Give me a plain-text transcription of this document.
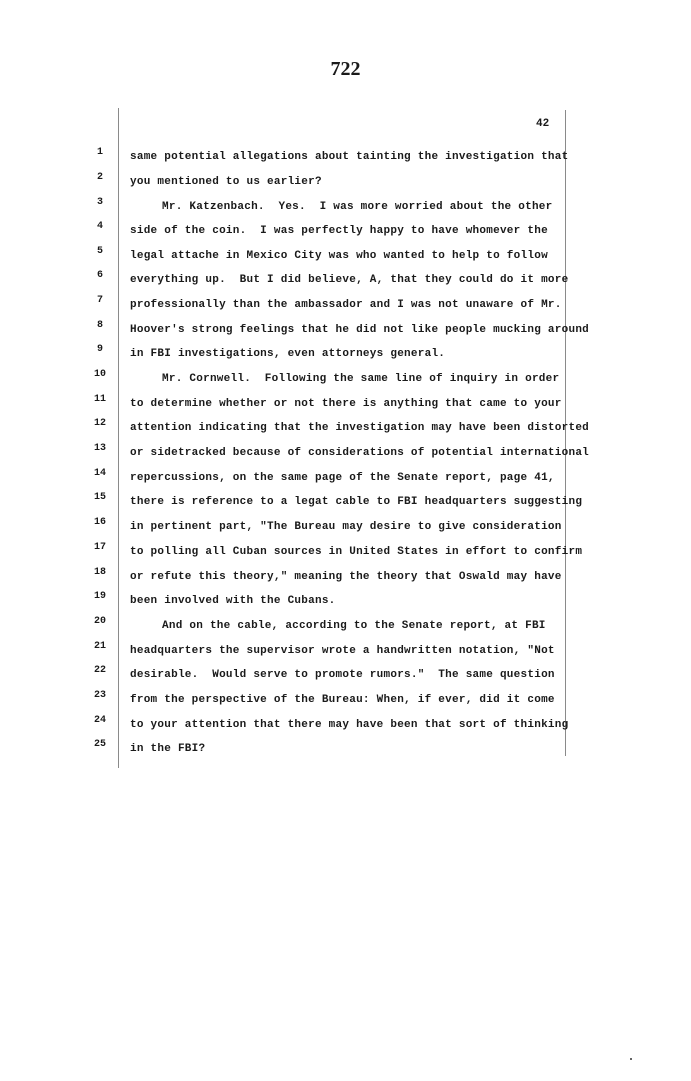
722
42
1
2
3
4
5
6
7
8
9
10
11
12
13
14
15
16
17
18
19
20
21
22
23
24
25
same potential allegations about tainting the investigation that
you mentioned to us earlier?
Mr. Katzenbach.  Yes.  I was more worried about the other
side of the coin.  I was perfectly happy to have whomever the
legal attache in Mexico City was who wanted to help to follow
everything up.  But I did believe, A, that they could do it more
professionally than the ambassador and I was not unaware of Mr.
Hoover's strong feelings that he did not like people mucking around
in FBI investigations, even attorneys general.
Mr. Cornwell.  Following the same line of inquiry in order
to determine whether or not there is anything that came to your
attention indicating that the investigation may have been distorted
or sidetracked because of considerations of potential international
repercussions, on the same page of the Senate report, page 41,
there is reference to a legat cable to FBI headquarters suggesting
in pertinent part, "The Bureau may desire to give consideration
to polling all Cuban sources in United States in effort to confirm
or refute this theory," meaning the theory that Oswald may have
been involved with the Cubans.
And on the cable, according to the Senate report, at FBI
headquarters the supervisor wrote a handwritten notation, "Not
desirable.  Would serve to promote rumors."  The same question
from the perspective of the Bureau: When, if ever, did it come
to your attention that there may have been that sort of thinking
in the FBI?
